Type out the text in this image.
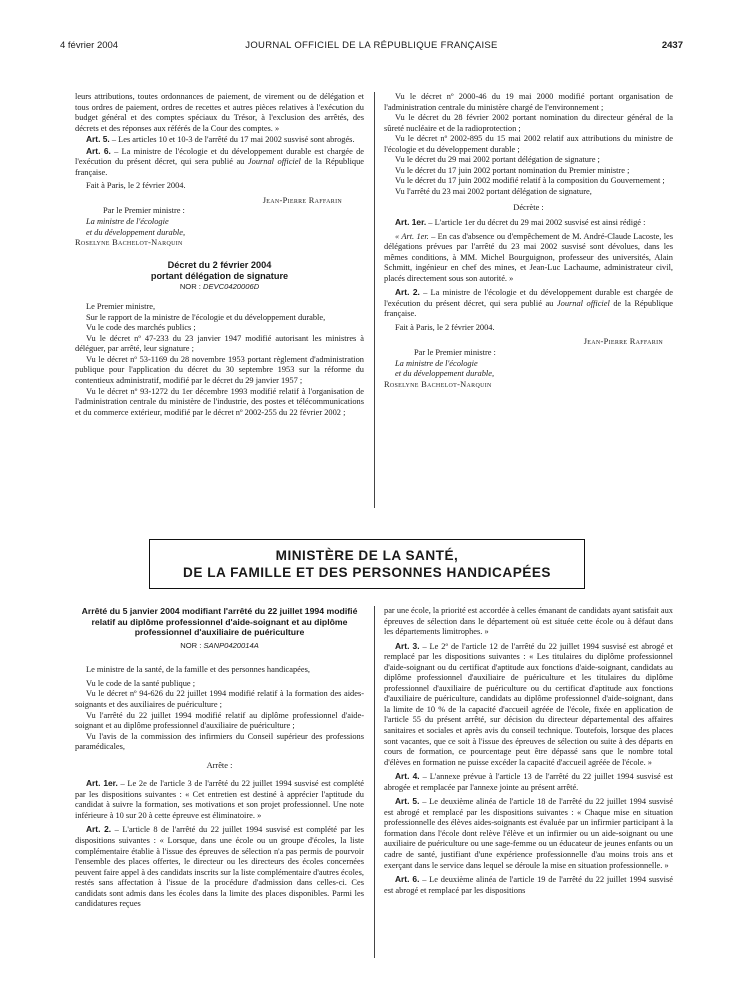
4 février 2004	JOURNAL OFFICIEL DE LA RÉPUBLIQUE FRANÇAISE	2437

leurs attributions, toutes ordonnances de paiement, de virement ou de délégation et tous ordres de paiement, ordres de recettes et autres pièces relatives à l'exécution du budget général et des comptes spéciaux du Trésor, à l'exclusion des arrêtés, des décrets et des réponses aux référés de la Cour des comptes. »

Art. 5. – Les articles 10 et 10-3 de l'arrêté du 17 mai 2002 susvisé sont abrogés.

Art. 6. – La ministre de l'écologie et du développement durable est chargée de l'exécution du présent décret, qui sera publié au Journal officiel de la République française.

Fait à Paris, le 2 février 2004.

Jean-Pierre Raffarin

Par le Premier ministre :

La ministre de l'écologie

et du développement durable,

Roselyne Bachelot-Narquin

Décret du 2 février 2004

portant délégation de signature

NOR : DEVC0420006D

Le Premier ministre,

Sur le rapport de la ministre de l'écologie et du développement durable,

Vu le code des marchés publics ;

Vu le décret nº 47-233 du 23 janvier 1947 modifié autorisant les ministres à déléguer, par arrêté, leur signature ;

Vu le décret nº 53-1169 du 28 novembre 1953 portant règlement d'administration publique pour l'application du décret du 30 septembre 1953 sur la réforme du contentieux administratif, modifié par le décret du 29 janvier 1957 ;

Vu le décret nº 93-1272 du 1er décembre 1993 modifié relatif à l'organisation de l'administration centrale du ministère de l'industrie, des postes et télécommunications et du commerce extérieur, modifié par le décret nº 2002-255 du 22 février 2002 ;

Vu le décret nº 2000-46 du 19 mai 2000 modifié portant organisation de l'administration centrale du ministère chargé de l'environnement ;

Vu le décret du 28 février 2002 portant nomination du directeur général de la sûreté nucléaire et de la radioprotection ;

Vu le décret nº 2002-895 du 15 mai 2002 relatif aux attributions du ministre de l'écologie et du développement durable ;

Vu le décret du 29 mai 2002 portant délégation de signature ;

Vu le décret du 17 juin 2002 portant nomination du Premier ministre ;

Vu le décret du 17 juin 2002 modifié relatif à la composition du Gouvernement ;

Vu l'arrêté du 23 mai 2002 portant délégation de signature,

Décrète :

Art. 1er. – L'article 1er du décret du 29 mai 2002 susvisé est ainsi rédigé :

« Art. 1er. – En cas d'absence ou d'empêchement de M. André-Claude Lacoste, les délégations prévues par l'arrêté du 23 mai 2002 susvisé sont dévolues, dans les mêmes conditions, à MM. Michel Bourguignon, professeur des universités, Alain Schmitt, ingénieur en chef des mines, et Jean-Luc Lachaume, administrateur civil, placés directement sous son autorité. »

Art. 2. – La ministre de l'écologie et du développement durable est chargée de l'exécution du présent décret, qui sera publié au Journal officiel de la République française.

Fait à Paris, le 2 février 2004.

Jean-Pierre Raffarin

Par le Premier ministre :

La ministre de l'écologie

et du développement durable,

Roselyne Bachelot-Narquin

MINISTÈRE DE LA SANTÉ,
DE LA FAMILLE ET DES PERSONNES HANDICAPÉES

Arrêté du 5 janvier 2004 modifiant l'arrêté du 22 juillet 1994 modifié relatif au diplôme professionnel d'aide-soignant et au diplôme professionnel d'auxiliaire de puériculture

NOR : SANP0420014A

Le ministre de la santé, de la famille et des personnes handicapées,

Vu le code de la santé publique ;

Vu le décret nº 94-626 du 22 juillet 1994 modifié relatif à la formation des aides-soignants et des auxiliaires de puériculture ;

Vu l'arrêté du 22 juillet 1994 modifié relatif au diplôme professionnel d'aide-soignant et au diplôme professionnel d'auxiliaire de puériculture ;

Vu l'avis de la commission des infirmiers du Conseil supérieur des professions paramédicales,

Arrête :

Art. 1er. – Le 2e de l'article 3 de l'arrêté du 22 juillet 1994 susvisé est complété par les dispositions suivantes : « Cet entretien est destiné à apprécier l'aptitude du candidat à suivre la formation, ses motivations et son projet professionnel. Une note inférieure à 10 sur 20 à cette épreuve est éliminatoire. »

Art. 2. – L'article 8 de l'arrêté du 22 juillet 1994 susvisé est complété par les dispositions suivantes : « Lorsque, dans une école ou un groupe d'écoles, la liste complémentaire établie à l'issue des épreuves de sélection n'a pas permis de pourvoir l'ensemble des places offertes, le directeur ou les directeurs des écoles concernées peuvent faire appel à des candidats inscrits sur la liste complémentaire d'autres écoles, restés sans affectation à l'issue de la procédure d'admission dans celles-ci. Ces candidats sont admis dans les écoles dans la limite des places disponibles. Parmi les candidatures reçues

par une école, la priorité est accordée à celles émanant de candidats ayant satisfait aux épreuves de sélection dans le département où est située cette école ou à défaut dans les départements limitrophes. »

Art. 3. – Le 2º de l'article 12 de l'arrêté du 22 juillet 1994 susvisé est abrogé et remplacé par les dispositions suivantes : « Les titulaires du diplôme professionnel d'aide-soignant ou du certificat d'aptitude aux fonctions d'aide-soignant, candidats au diplôme professionnel d'auxiliaire de puériculture et les titulaires du diplôme professionnel d'auxiliaire de puériculture ou du certificat d'aptitude aux fonctions d'auxiliaire de puériculture, candidats au diplôme professionnel d'aide-soignant, dans la limite de 10 % de la capacité d'accueil agréée de l'école, fixée en application de l'article 55 du présent arrêté, sur décision du directeur départemental des affaires sanitaires et sociales et après avis du conseil technique. Toutefois, lorsque des places sont vacantes, que ce soit à l'issue des épreuves de sélection ou suite à des départs en cours de formation, ce pourcentage peut être dépassé sans que le nombre total d'élèves en formation ne puisse excéder la capacité d'accueil agréée de l'école. »

Art. 4. – L'annexe prévue à l'article 13 de l'arrêté du 22 juillet 1994 susvisé est abrogée et remplacée par l'annexe jointe au présent arrêté.

Art. 5. – Le deuxième alinéa de l'article 18 de l'arrêté du 22 juillet 1994 susvisé est abrogé et remplacé par les dispositions suivantes : « Chaque mise en situation professionnelle des élèves aides-soignants est évaluée par un infirmier participant à la formation dans l'école dont relève l'élève et un infirmier ou un aide-soignant ou une auxiliaire de puériculture ou une sage-femme ou un éducateur de jeunes enfants ou un cadre de santé, justifiant d'une expérience professionnelle d'au moins trois ans et exerçant dans le service dans lequel se déroule la mise en situation professionnelle. »

Art. 6. – Le deuxième alinéa de l'article 19 de l'arrêté du 22 juillet 1994 susvisé est abrogé et remplacé par les dispositions
